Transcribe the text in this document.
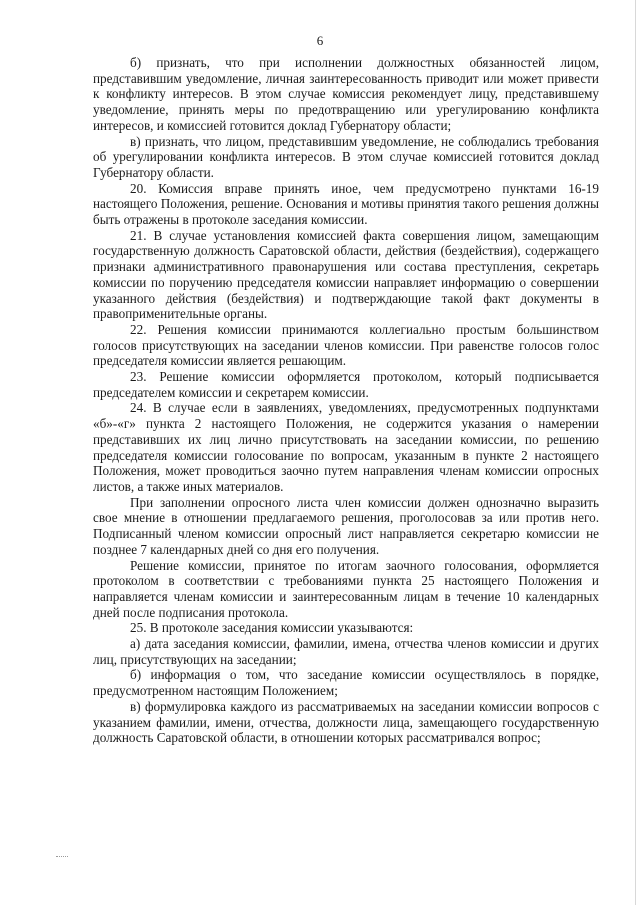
6

б) признать, что при исполнении должностных обязанностей лицом, представившим уведомление, личная заинтересованность приводит или может привести к конфликту интересов. В этом случае комиссия рекомендует лицу, представившему уведомление, принять меры по предотвращению или урегулированию конфликта интересов, и комиссией готовится доклад Губернатору области;

в) признать, что лицом, представившим уведомление, не соблюдались требования об урегулировании конфликта интересов. В этом случае комиссией готовится доклад Губернатору области.

20. Комиссия вправе принять иное, чем предусмотрено пунктами 16-19 настоящего Положения, решение. Основания и мотивы принятия такого решения должны быть отражены в протоколе заседания комиссии.

21. В случае установления комиссией факта совершения лицом, замещающим государственную должность Саратовской области, действия (бездействия), содержащего признаки административного правонарушения или состава преступления, секретарь комиссии по поручению председателя комиссии направляет информацию о совершении указанного действия (бездействия) и подтверждающие такой факт документы в правоприменительные органы.

22. Решения комиссии принимаются коллегиально простым большинством голосов присутствующих на заседании членов комиссии. При равенстве голосов голос председателя комиссии является решающим.

23. Решение комиссии оформляется протоколом, который подписывается председателем комиссии и секретарем комиссии.

24. В случае если в заявлениях, уведомлениях, предусмотренных подпунктами «б»-«г» пункта 2 настоящего Положения, не содержится указания о намерении представивших их лиц лично присутствовать на заседании комиссии, по решению председателя комиссии голосование по вопросам, указанным в пункте 2 настоящего Положения, может проводиться заочно путем направления членам комиссии опросных листов, а также иных материалов.

При заполнении опросного листа член комиссии должен однозначно выразить свое мнение в отношении предлагаемого решения, проголосовав за или против него. Подписанный членом комиссии опросный лист направляется секретарю комиссии не позднее 7 календарных дней со дня его получения.

Решение комиссии, принятое по итогам заочного голосования, оформляется протоколом в соответствии с требованиями пункта 25 настоящего Положения и направляется членам комиссии и заинтересованным лицам в течение 10 календарных дней после подписания протокола.

25. В протоколе заседания комиссии указываются:

а) дата заседания комиссии, фамилии, имена, отчества членов комиссии и других лиц, присутствующих на заседании;

б) информация о том, что заседание комиссии осуществлялось в порядке, предусмотренном настоящим Положением;

в) формулировка каждого из рассматриваемых на заседании комиссии вопросов с указанием фамилии, имени, отчества, должности лица, замещающего государственную должность Саратовской области, в отношении которых рассматривался вопрос;
